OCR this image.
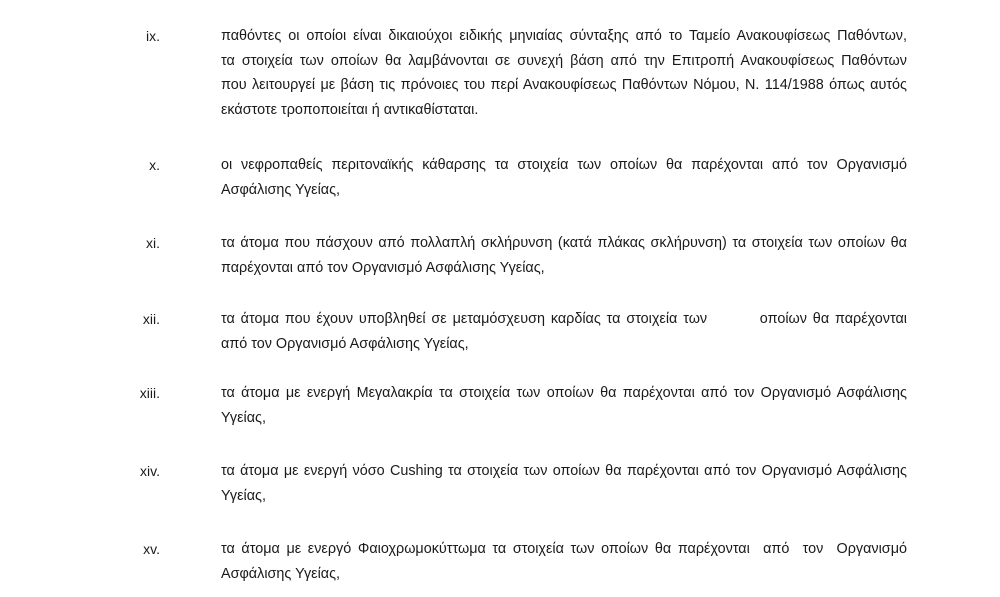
ix.	παθόντες οι οποίοι είναι δικαιούχοι ειδικής μηνιαίας σύνταξης από το Ταμείο Ανακουφίσεως Παθόντων,
τα στοιχεία των οποίων θα λαμβάνονται σε συνεχή βάση από την Επιτροπή Ανακουφίσεως Παθόντων
που λειτουργεί με βάση τις πρόνοιες του περί Ανακουφίσεως Παθόντων Νόμου, Ν. 114/1988 όπως αυτός
εκάστοτε τροποποιείται ή αντικαθίσταται.
x.	οι νεφροπαθείς περιτοναϊκής κάθαρσης τα στοιχεία των οποίων θα παρέχονται από τον Οργανισμό
Ασφάλισης Υγείας,
xi.	τα άτομα που πάσχουν από πολλαπλή σκλήρυνση (κατά πλάκας σκλήρυνση) τα στοιχεία των οποίων θα
παρέχονται από τον Οργανισμό Ασφάλισης Υγείας,
xii.	τα άτομα που έχουν υποβληθεί σε μεταμόσχευση καρδίας τα στοιχεία των         οποίων θα παρέχονται
από τον Οργανισμό Ασφάλισης Υγείας,
xiii.	τα άτομα με ενεργή Μεγαλακρία τα στοιχεία των οποίων θα παρέχονται από τον Οργανισμό Ασφάλισης
Υγείας,
xiv.	τα άτομα με ενεργή νόσο Cushing τα στοιχεία των οποίων θα παρέχονται από τον Οργανισμό Ασφάλισης
Υγείας,
xv.	τα άτομα με ενεργό Φαιοχρωμοκύττωμα τα στοιχεία των οποίων θα παρέχονται  από  τον  Οργανισμό
Ασφάλισης Υγείας,
